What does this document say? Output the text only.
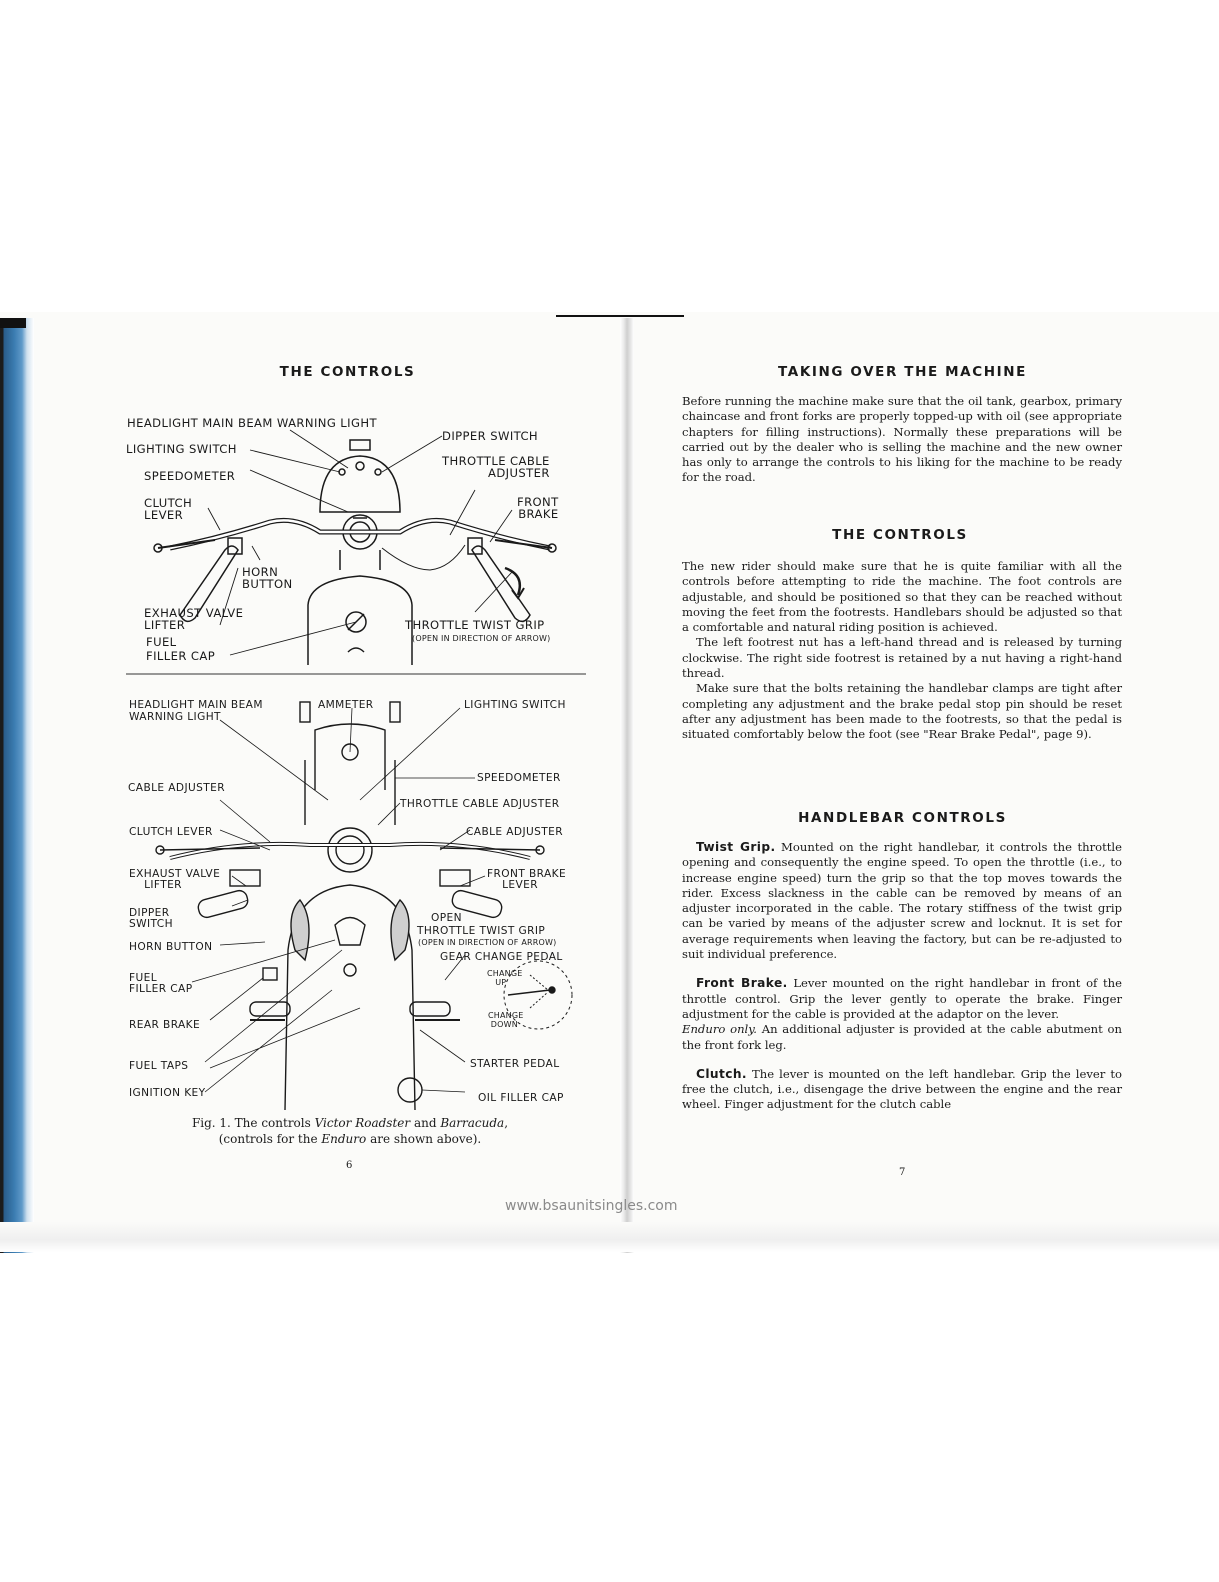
THE CONTROLS
HEADLIGHT MAIN BEAM WARNING LIGHT
LIGHTING SWITCH
SPEEDOMETER
CLUTCH
LEVER
HORN
BUTTON
EXHAUST VALVE
LIFTER
FUEL
FILLER CAP
DIPPER SWITCH
THROTTLE CABLE
ADJUSTER
FRONT
BRAKE
THROTTLE TWIST GRIP
(OPEN IN DIRECTION OF ARROW)
HEADLIGHT MAIN BEAM
WARNING LIGHT
AMMETER	LIGHTING SWITCH
SPEEDOMETER
CABLE ADJUSTER
THROTTLE CABLE ADJUSTER
CLUTCH LEVER	CABLE ADJUSTER
EXHAUST VALVE
LIFTER
FRONT BRAKE
LEVER
DIPPER
SWITCH	OPEN
THROTTLE TWIST GRIP
(OPEN IN DIRECTION OF ARROW)
HORN BUTTON
GEAR CHANGE PEDAL
CHANGE
UP
FUEL
FILLER CAP
REAR BRAKE
CHANGE
DOWN
FUEL TAPS	STARTER PEDAL
IGNITION KEY	OIL FILLER CAP
Fig. 1. The controls Victor Roadster and Barracuda,
(controls for the Enduro are shown above).
6
TAKING OVER THE MACHINE

Before running the machine make sure that the oil tank, gearbox, primary chaincase and front forks are properly topped-up with oil (see appropriate chapters for filling instructions). Normally these preparations will be carried out by the dealer who is selling the machine and the new owner has only to arrange the controls to his liking for the machine to be ready for the road.

THE CONTROLS

The new rider should make sure that he is quite familiar with all the controls before attempting to ride the machine. The foot controls are adjustable, and should be positioned so that they can be reached without moving the feet from the footrests. Handlebars should be adjusted so that a comfortable and natural riding position is achieved.

The left footrest nut has a left-hand thread and is released by turning clockwise. The right side footrest is retained by a nut having a right-hand thread.

Make sure that the bolts retaining the handlebar clamps are tight after completing any adjustment and the brake pedal stop pin should be reset after any adjustment has been made to the footrests, so that the pedal is situated comfortably below the foot (see "Rear Brake Pedal", page 9).

HANDLEBAR CONTROLS

Twist Grip. Mounted on the right handlebar, it controls the throttle opening and consequently the engine speed. To open the throttle (i.e., to increase engine speed) turn the grip so that the top moves towards the rider. Excess slackness in the cable can be removed by means of an adjuster incorporated in the cable. The rotary stiffness of the twist grip can be varied by means of the adjuster screw and locknut. It is set for average requirements when leaving the factory, but can be re-adjusted to suit individual preference.

Front Brake. Lever mounted on the right handlebar in front of the throttle control. Grip the lever gently to operate the brake. Finger adjustment for the cable is provided at the adaptor on the lever.

Enduro only. An additional adjuster is provided at the cable abutment on the front fork leg.

Clutch. The lever is mounted on the left handlebar. Grip the lever to free the clutch, i.e., disengage the drive between the engine and the rear wheel. Finger adjustment for the clutch cable

7
www.bsaunitsingles.com
